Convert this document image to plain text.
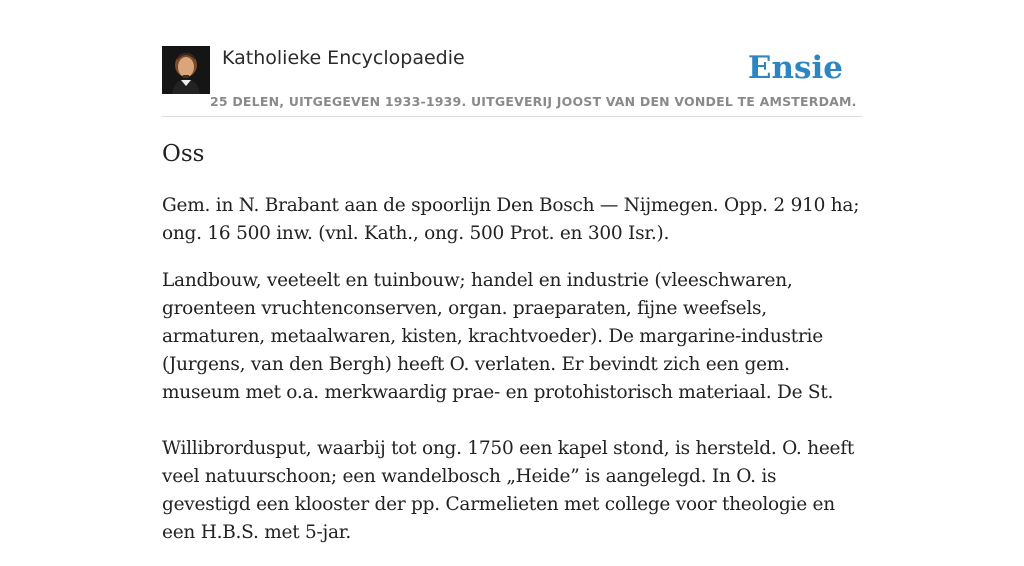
Katholieke Encyclopaedie	Ensie
25 DELEN, UITGEGEVEN 1933-1939. UITGEVERIJ JOOST VAN DEN VONDEL TE AMSTERDAM.
Oss

Gem. in N. Brabant aan de spoorlijn Den Bosch — Nijmegen. Opp. 2 910 ha; ong. 16 500 inw. (vnl. Kath., ong. 500 Prot. en 300 Isr.).

Landbouw, veeteelt en tuinbouw; handel en industrie (vleeschwaren, groenteen vruchtenconserven, organ. praeparaten, fijne weefsels, armaturen, metaalwaren, kisten, krachtvoeder). De margarine-industrie (Jurgens, van den Bergh) heeft O. verlaten. Er bevindt zich een gem. museum met o.a. merkwaardig prae- en protohistorisch materiaal. De St.

Willibrordusput, waarbij tot ong. 1750 een kapel stond, is hersteld. O. heeft veel natuurschoon; een wandelbosch „Heide” is aangelegd. In O. is gevestigd een klooster der pp. Carmelieten met college voor theologie en een H.B.S. met 5-jar.
